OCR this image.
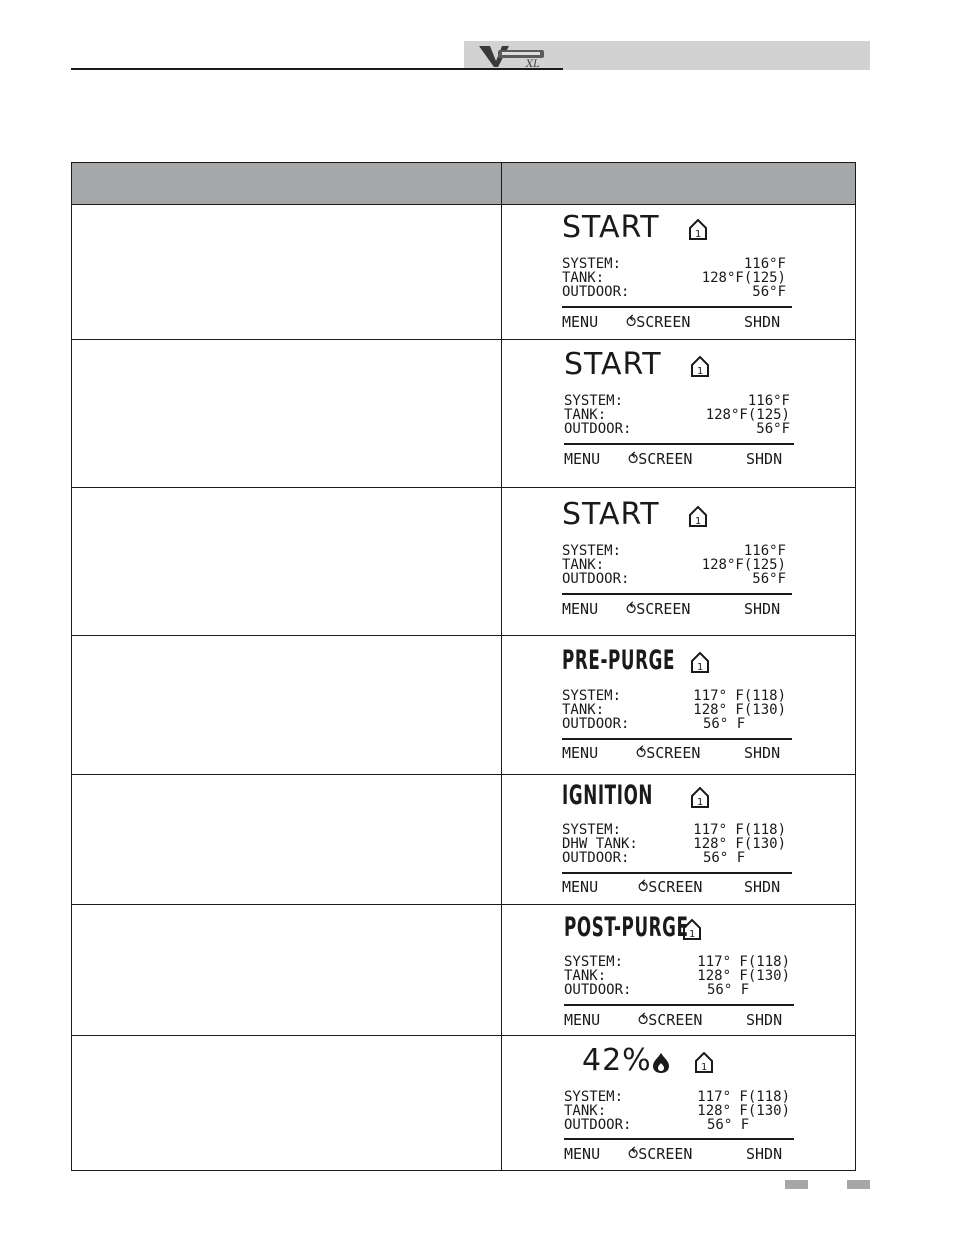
XL
START	1
SYSTEM:	116°F
TANK:	128°F(125)
OUTDOOR:	56°F
MENU ⥀SCREEN	SHDN
START	1
SYSTEM:	116°F
TANK:	128°F(125)
OUTDOOR:	56°F
MENU ⥀SCREEN	SHDN
START	1
SYSTEM:	116°F
TANK:	128°F(125)
OUTDOOR:	56°F
MENU ⥀SCREEN	SHDN
PRE-PURGE 1
SYSTEM:	117° F(118)
TANK:	128° F(130)
OUTDOOR:	56° F
MENU	⥀SCREEN	SHDN
IGNITION	1
SYSTEM:	117° F(118)
DHW TANK:	128° F(130)
OUTDOOR:	56° F
MENU	⥀SCREEN	SHDN
POST-PURGE 1
SYSTEM:	117° F(118)
TANK:	128° F(130)
OUTDOOR:	56° F
MENU	⥀SCREEN	SHDN
42%	1
SYSTEM:	117° F(118)
TANK:	128° F(130)
OUTDOOR:	56° F
MENU ⥀SCREEN	SHDN
